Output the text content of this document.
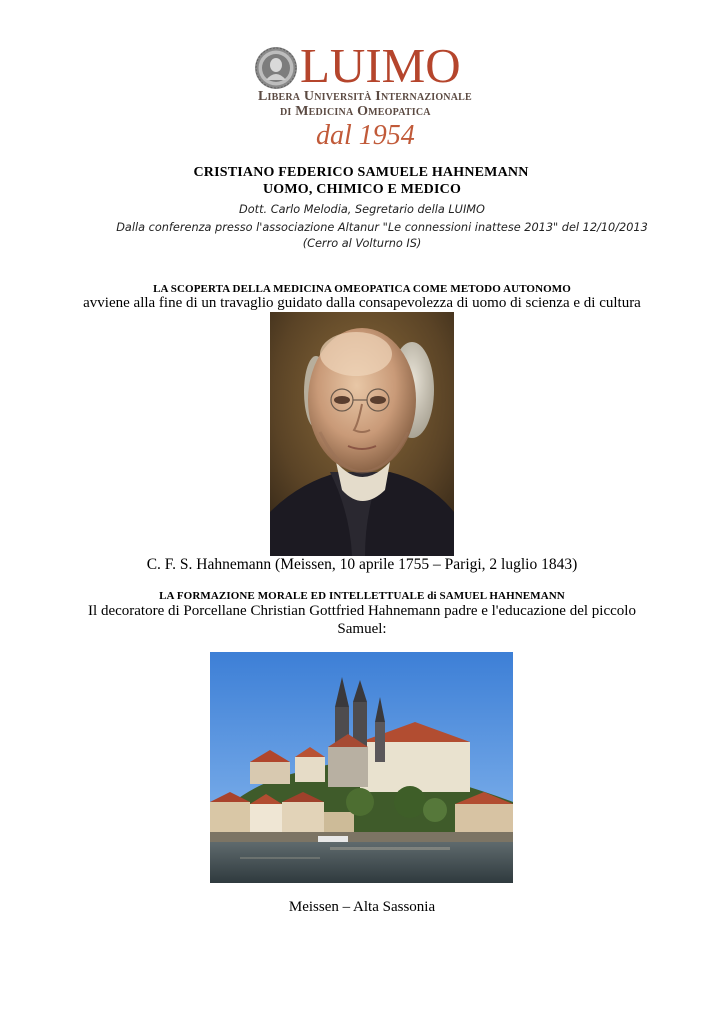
LUIMO
Libera Università Internazionale
di Medicina Omeopatica
dal 1954
CRISTIANO FEDERICO SAMUELE HAHNEMANN
UOMO, CHIMICO E MEDICO
Dott. Carlo Melodia, Segretario della LUIMO
Dalla conferenza presso l'associazione Altanur "Le connessioni inattese 2013" del 12/10/2013
(Cerro al Volturno IS)
LA SCOPERTA DELLA MEDICINA OMEOPATICA COME METODO AUTONOMO
avviene alla fine di un travaglio guidato dalla consapevolezza di uomo di scienza e di cultura
C. F. S. Hahnemann (Meissen, 10 aprile 1755 – Parigi, 2 luglio 1843)
LA FORMAZIONE MORALE ED INTELLETTUALE di SAMUEL HAHNEMANN
Il decoratore di Porcellane Christian Gottfried Hahnemann padre e l'educazione del piccolo
Samuel:
Meissen – Alta Sassonia
